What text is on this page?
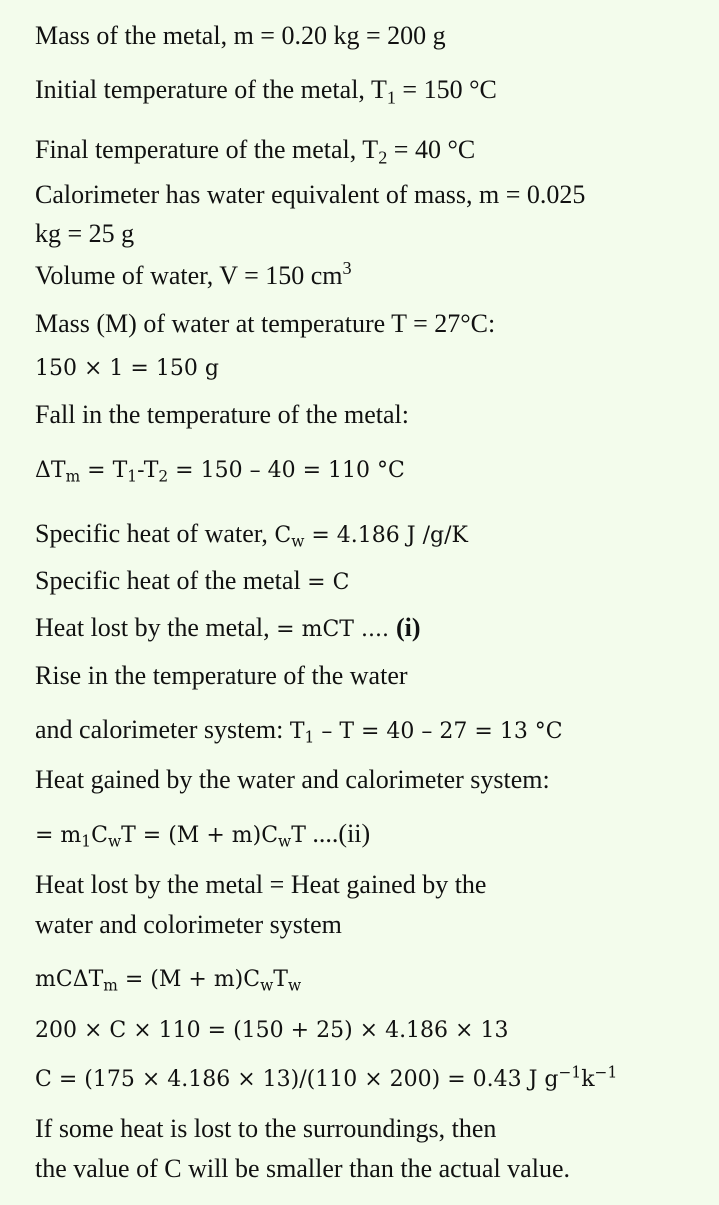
Mass of the metal, m = 0.20 kg = 200 g
Initial temperature of the metal, $T_1 = 150$ °C
Final temperature of the metal, $T_2 = 40$ °C
Calorimeter has water equivalent of mass, m = 0.025
kg = 25 g
Volume of water, V = 150 $cm^3$
Mass (M) of water at temperature T = 27°C:
150 × 1 = 150 g
Fall in the temperature of the metal:
$\Delta T_m = T_1-T_2 = 150 - 40 = 110$ °C
Specific heat of water, $C_w = 4.186$ J /g/K
Specific heat of the metal = C
Heat lost by the metal, = mCT .... (i)
Rise in the temperature of the water
and calorimeter system: $T_1 - T = 40 - 27 = 13$ °C
Heat gained by the water and calorimeter system:
= $m_1C_wT = (M + m)C_wT$ ....(ii)
Heat lost by the metal = Heat gained by the
water and colorimeter system
$mC\Delta T_m = (M + m)C_wT_w$
200 × C × 110 = (150 + 25) × 4.186 × 13
C = (175 × 4.186 × 13)/(110 × 200) = 0.43 J $g^{-1}k^{-1}$
If some heat is lost to the surroundings, then
the value of C will be smaller than the actual value.
